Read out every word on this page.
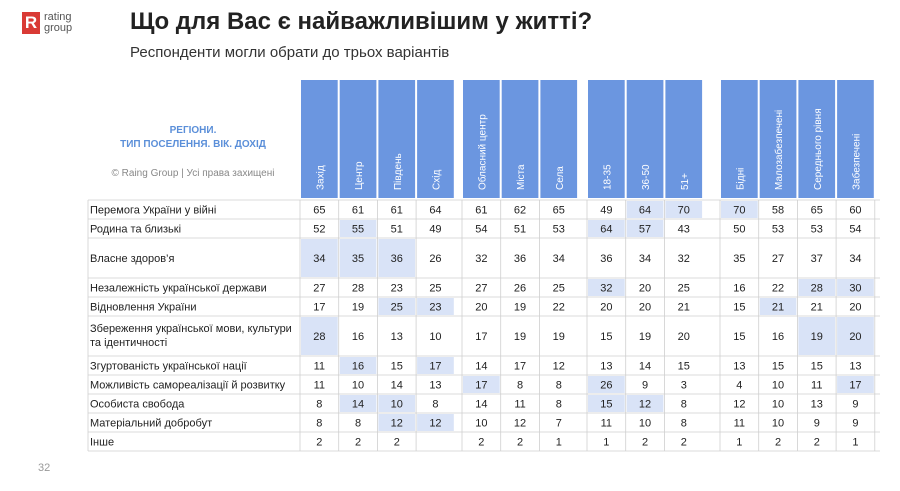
R rating
group Що для Вас є найважливішим у житті?

Респонденти могли обрати до трьох варіантів

РЕГІОНИ.
ТИП ПОСЕЛЕННЯ. ВІК. ДОХІД
© Raing Group | Усі права захищені	Захід	Центр	Південь	Схід	Обласний центр	Міста	Села	18-35	36-50	51+	Бідні	Малозабезпечені	Середнього рівня	Забезпечені
Перемога України у війні	65 61 61 64	61 62 65	49 64 70	70 58 65 60
Родина та близькі	52 55 51 49	54 51 53	64 57 43	50 53 53 54
Власне здоров’я	34 35 36 26	32 36 34	36 34 32	35 27 37 34
Незалежність української держави	27 28 23 25	27 26 25	32 20 25	16 22 28 30
Відновлення України	17 19 25 23	20 19 22	20 20 21	15 21 21 20
Збереження української мови, культури та ідентичності	28 16 13 10	17 19 19	15 19 20	15 16 19 20
Згуртованість української нації	11 16 15 17	14 17 12	13 14 15	13 15 15 13
Можливість самореалізації й розвитку	11 10 14 13	17	8	8	26	9	3	4	10 11 17
Особиста свобода	8	14 10	8	14 11	8	15 12	8	12 10 13	9
Матеріальний добробут	8	8	12 12	10 12	7	11 10	8	11 10	9	9
Інше	2	2	2	2	2	1	1	2	2	1	2	2	1
32
